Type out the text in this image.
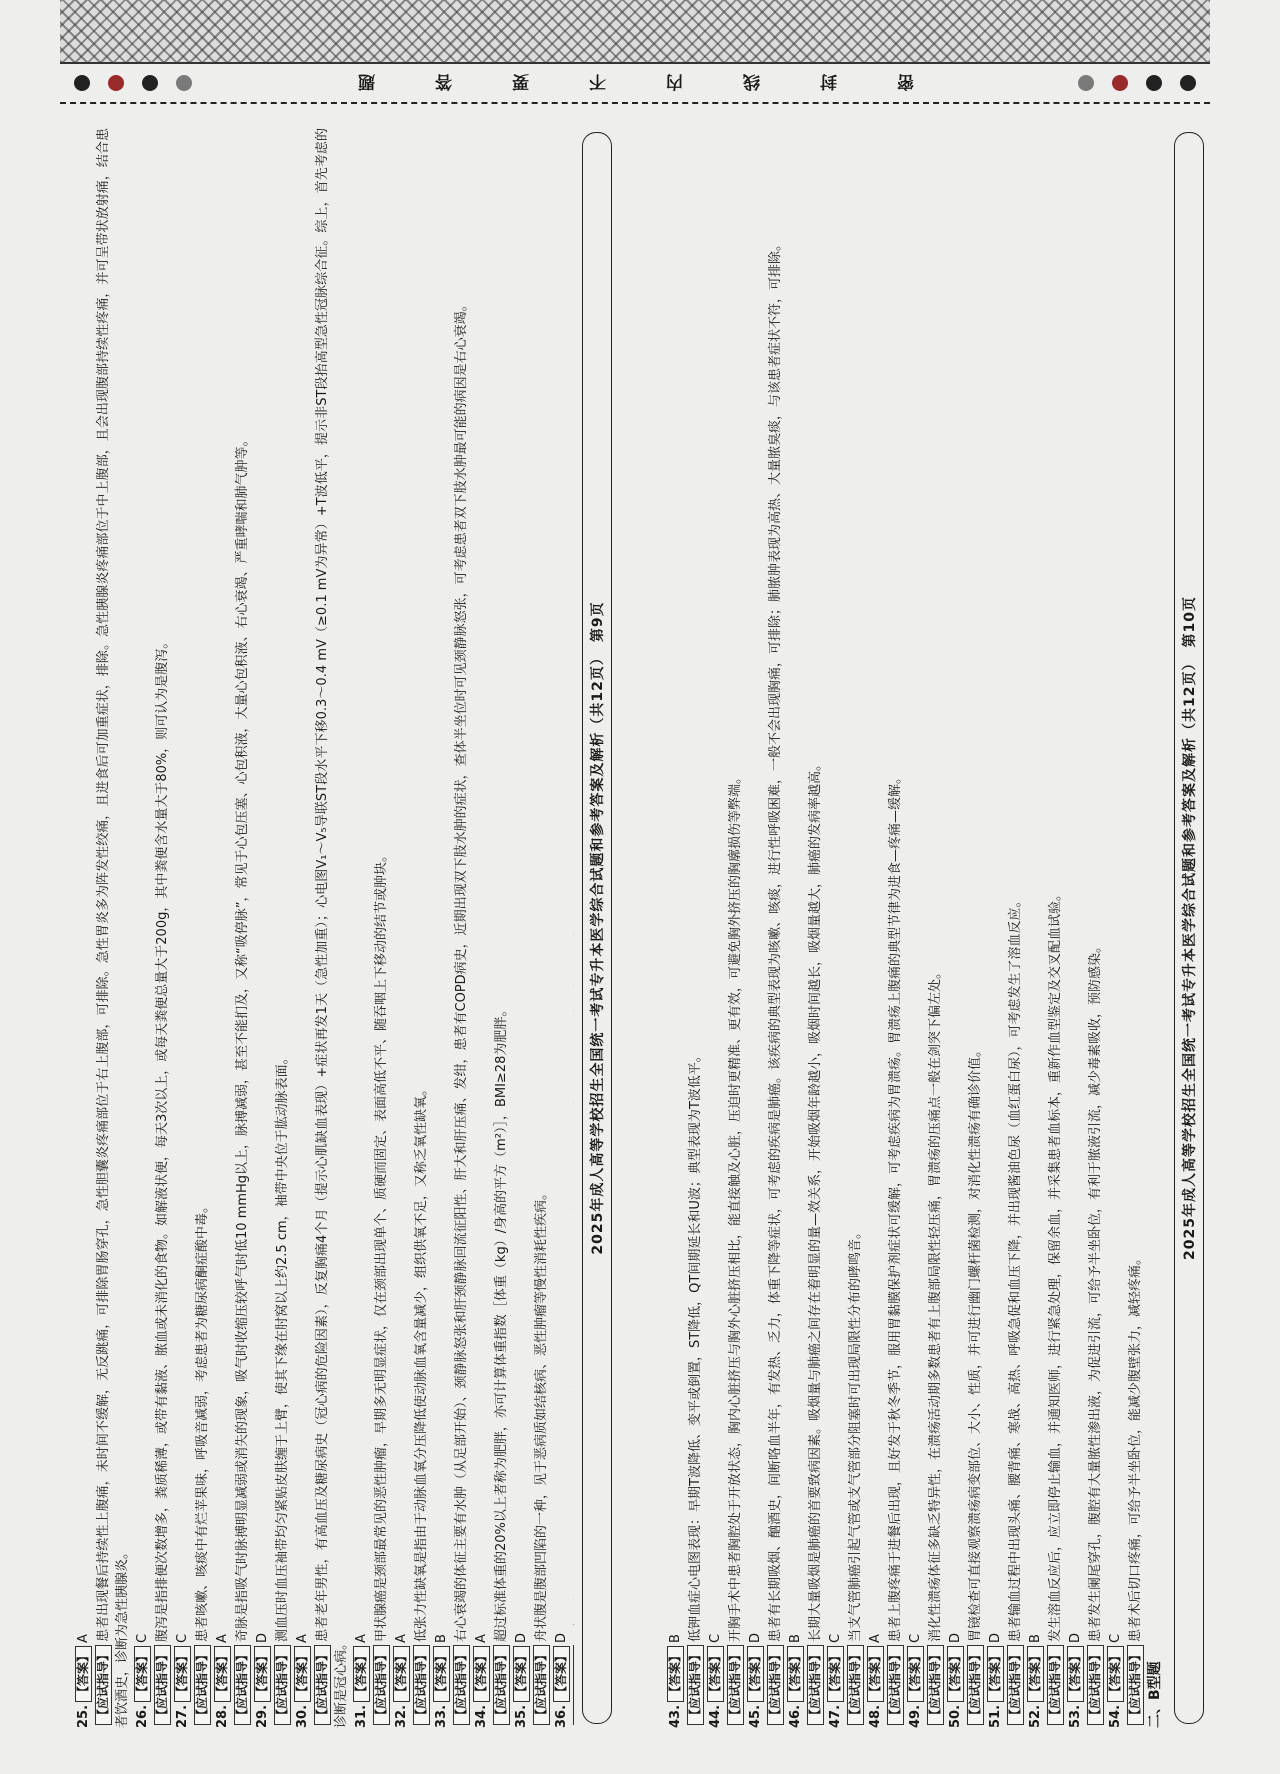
密
封
线
内
不
要
答
题
25.【答案】A
【应试指导】患者出现餐后持续性上腹痛，未时间不缓解，无反跳痛，可排除胃肠穿孔，急性胆囊炎疼痛部位于右上腹部，可排除。急性胃炎多为阵发性绞痛，且进食后可加重症状，排除。急性胰腺炎疼痛部位于中上腹部，且会出现腹部持续性疼痛，并可呈带状放射痛，结合患者饮酒史，诊断为急性胰腺炎。 26.【答案】C
【应试指导】腹泻是指排便次数增多，粪质稀薄，或带有黏液、脓血或未消化的食物。如解液状便，每天3次以上，或每天粪便总量大于200g，其中粪便含水量大于80%，则可认为是腹泻。
27.【答案】C
【应试指导】患者咳嗽、咳痰中有烂苹果味，呼吸音减弱，考虑患者为糖尿病酮症酸中毒。
28.【答案】A
【应试指导】奇脉是指吸气时脉搏明显减弱或消失的现象，吸气时收缩压较呼气时低10 mmHg以上，脉搏减弱，甚至不能扪及，又称“吸停脉”，常见于心包压塞、心包积液，大量心包积液、右心衰竭、严重哮喘和肺气肿等。
29.【答案】D
【应试指导】测血压时血压袖带均匀紧贴皮肤缠于上臂，使其下缘在肘窝以上约2.5 cm，袖带中央位于肱动脉表面。
30.【答案】A
【应试指导】患者老年男性，有高血压及糖尿病史（冠心病的危险因素），反复胸痛4个月（提示心肌缺血表现）+症状再发1天（急性加重）；心电图V₁～V₅导联ST段水平下移0.3～0.4 mV（≥0.1 mV为异常）+T波低平，提示非ST段抬高型急性冠脉综合征。综上，首先考虑的诊断是冠心病。 31.【答案】A
【应试指导】甲状腺癌是颈部最常见的恶性肿瘤，早期多无明显症状，仅在颈部出现单个、质硬而固定、表面高低不平、随吞咽上下移动的结节或肿块。
32.【答案】A
【应试指导】低张力性缺氧是指由于动脉血氧分压降低使动脉血氧含量减少，组织供氧不足，又称乏氧性缺氧。
33.【答案】B
【应试指导】右心衰竭的体征主要有水肿（从足部开始）、颈静脉怒张和肝颈静脉回流征阳性、肝大和肝压痛、发绀，患者有COPD病史，近期出现双下肢水肿的症状，查体半坐位时可见颈静脉怒张，可考虑患者双下肢水肿最可能的病因是右心衰竭。
34.【答案】A
【应试指导】超过标准体重的20%以上者称为肥胖，亦可计算体重指数［体重（kg）/身高的平方（m²）］，BMI≥28为肥胖。
35.【答案】D
【应试指导】舟状腹是腹部凹陷的一种，见于恶病质如结核病、恶性肿瘤等慢性消耗性疾病。
36.【答案】D
2025年成人高等学校招生全国统一考试专升本医学综合试题和参考答案及解析（共12页）　第9页
43.【答案】B
【应试指导】低钾血症心电图表现：早期T波降低、变平或倒置，ST降低，QT间期延长和U波；典型表现为T波低平。
44.【答案】C
【应试指导】开胸手术中患者胸腔处于开放状态，胸内心脏挤压与胸外心脏挤压相比，能直接触及心脏，压迫时更精准、更有效，可避免胸外挤压的胸廓损伤等弊端。
45.【答案】D
【应试指导】患者有长期吸烟、酗酒史，间断咯血半年，有发热、乏力，体重下降等症状，可考虑的疾病是肺癌。该疾病的典型表现为咳嗽、咳痰，进行性呼吸困难，一般不会出现胸痛，可排除；肺脓肿表现为高热、大量脓臭痰，与该患者症状不符，可排除。
46.【答案】B
【应试指导】长期大量吸烟是肺癌的首要致病因素。吸烟量与肺癌之间存在着明显的量—效关系，开始吸烟年龄越小，吸烟时间越长，吸烟量越大，肺癌的发病率越高。
47.【答案】C
【应试指导】当支气管肺癌引起气管或支气管部分阻塞时可出现局限性分布的哮鸣音。
48.【答案】A
【应试指导】患者上腹疼痛于进餐后出现，且好发于秋冬季节，服用胃黏膜保护剂症状可缓解，可考虑疾病为胃溃疡。胃溃疡上腹痛的典型节律为进食—疼痛—缓解。
49.【答案】C
【应试指导】消化性溃疡体征多缺乏特异性，在溃疡活动期多数患者有上腹部局限性轻压痛，胃溃疡的压痛点一般在剑突下偏左处。
50.【答案】D
【应试指导】胃镜检查可直接观察溃疡病变部位、大小、性质，并可进行幽门螺杆菌检测，对消化性溃疡有确诊价值。
51.【答案】D
【应试指导】患者输血过程中出现头痛、腰背痛、寒战、高热、呼吸急促和血压下降，并出现酱油色尿（血红蛋白尿），可考虑发生了溶血反应。
52.【答案】B
【应试指导】发生溶血反应后，应立即停止输血，并通知医师，进行紧急处理，保留余血，并采集患者血标本，重新作血型鉴定及交叉配血试验。
53.【答案】D
【应试指导】患者发生阑尾穿孔，腹腔有大量脓性渗出液，为促进引流，可给予半坐卧位，有利于脓液引流，减少毒素吸收，预防感染。
54.【答案】C
【应试指导】患者术后切口疼痛，可给予半坐卧位，能减少腹壁张力，减轻疼痛。
二、B型题
2025年成人高等学校招生全国统一考试专升本医学综合试题和参考答案及解析（共12页）　第10页
